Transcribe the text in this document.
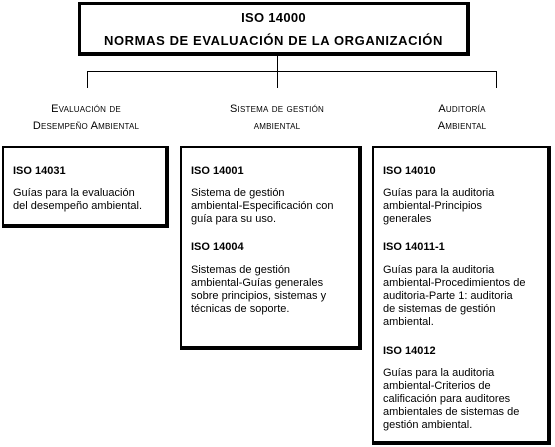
ISO 14000
NORMAS DE EVALUACIÓN DE LA ORGANIZACIÓN
Evaluación de
Desempeño Ambiental
Sistema de gestión
ambiental
Auditoría
Ambiental
ISO 14031
Guías para la evaluación
del desempeño ambiental.
ISO 14001
Sistema de gestión
ambiental-Especificación con
guía para su uso.
ISO 14004
Sistemas de gestión
ambiental-Guías generales
sobre principios, sistemas y
técnicas de soporte.
ISO 14010
Guías para la auditoria
ambiental-Principios
generales
ISO 14011-1
Guías para la auditoria
ambiental-Procedimientos de
auditoria-Parte 1: auditoria
de sistemas de gestión
ambiental.
ISO 14012
Guías para la auditoria
ambiental-Criterios de
calificación para auditores
ambientales de sistemas de
gestión ambiental.
